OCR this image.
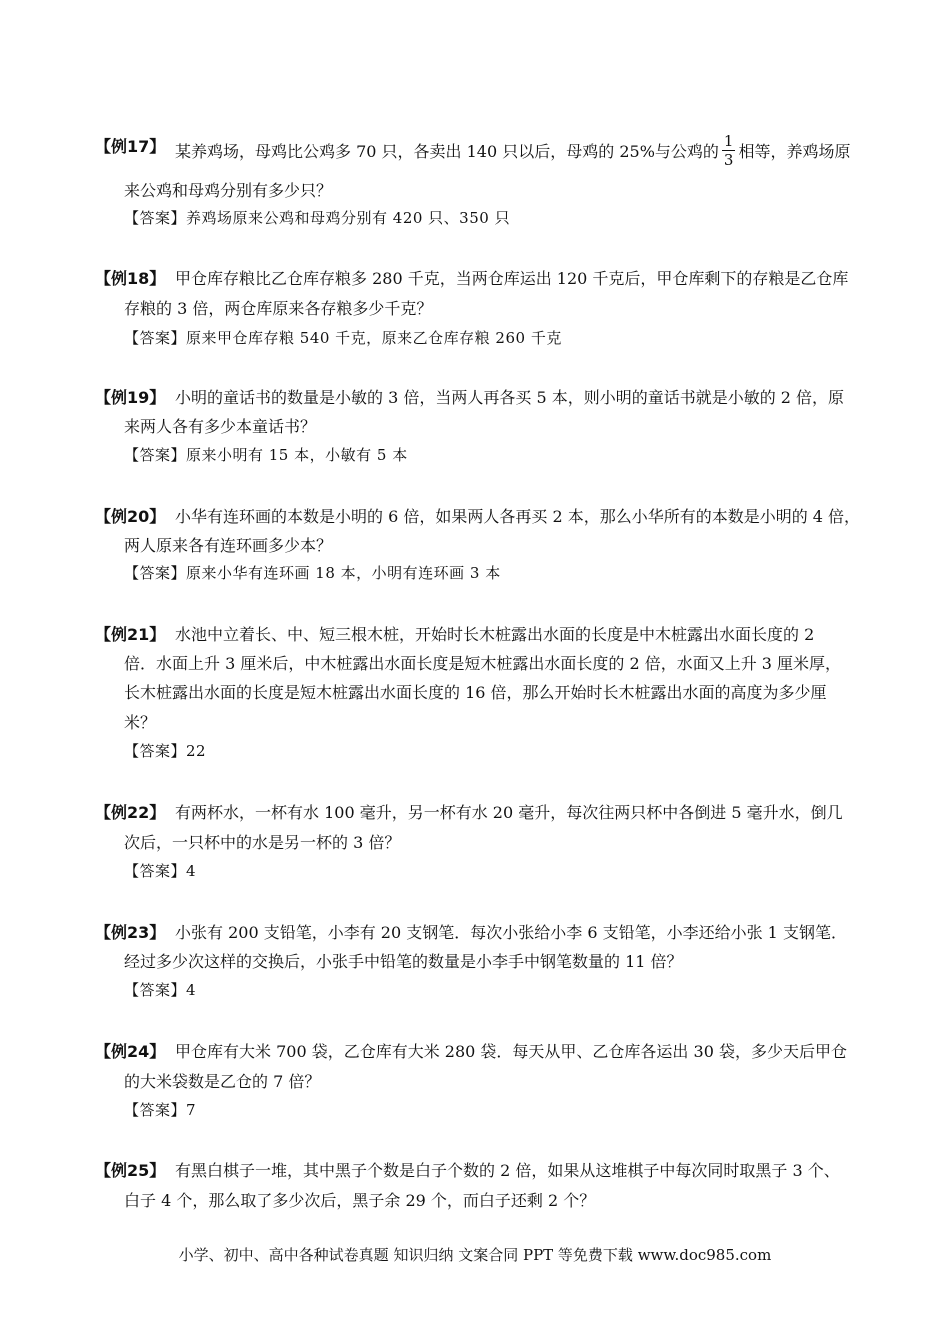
【例17】 某养鸡场，母鸡比公鸡多 70 只，各卖出 140 只以后，母鸡的 25%与公鸡的 $\frac{1}{3}$ 相等，养鸡场原
来公鸡和母鸡分别有多少只？
【答案】养鸡场原来公鸡和母鸡分别有 420 只、350 只
【例18】 甲仓库存粮比乙仓库存粮多 280 千克，当两仓库运出 120 千克后，甲仓库剩下的存粮是乙仓库
存粮的 3 倍，两仓库原来各存粮多少千克？
【答案】原来甲仓库存粮 540 千克，原来乙仓库存粮 260 千克
【例19】 小明的童话书的数量是小敏的 3 倍，当两人再各买 5 本，则小明的童话书就是小敏的 2 倍，原
来两人各有多少本童话书？
【答案】原来小明有 15 本，小敏有 5 本
【例20】 小华有连环画的本数是小明的 6 倍，如果两人各再买 2 本，那么小华所有的本数是小明的 4 倍，
两人原来各有连环画多少本？
【答案】原来小华有连环画 18 本，小明有连环画 3 本
【例21】 水池中立着长、中、短三根木桩，开始时长木桩露出水面的长度是中木桩露出水面长度的 2
倍．水面上升 3 厘米后，中木桩露出水面长度是短木桩露出水面长度的 2 倍，水面又上升 3 厘米厚，
长木桩露出水面的长度是短木桩露出水面长度的 16 倍，那么开始时长木桩露出水面的高度为多少厘
米？
【答案】22
【例22】 有两杯水，一杯有水 100 毫升，另一杯有水 20 毫升，每次往两只杯中各倒进 5 毫升水，倒几
次后，一只杯中的水是另一杯的 3 倍？
【答案】4
【例23】 小张有 200 支铅笔，小李有 20 支钢笔．每次小张给小李 6 支铅笔，小李还给小张 1 支钢笔．
经过多少次这样的交换后，小张手中铅笔的数量是小李手中钢笔数量的 11 倍？
【答案】4
【例24】 甲仓库有大米 700 袋，乙仓库有大米 280 袋．每天从甲、乙仓库各运出 30 袋，多少天后甲仓
的大米袋数是乙仓的 7 倍？
【答案】7
【例25】 有黑白棋子一堆，其中黑子个数是白子个数的 2 倍，如果从这堆棋子中每次同时取黑子 3 个、
白子 4 个，那么取了多少次后，黑子余 29 个，而白子还剩 2 个？
小学、初中、高中各种试卷真题 知识归纳 文案合同 PPT 等免费下载 www.doc985.com
